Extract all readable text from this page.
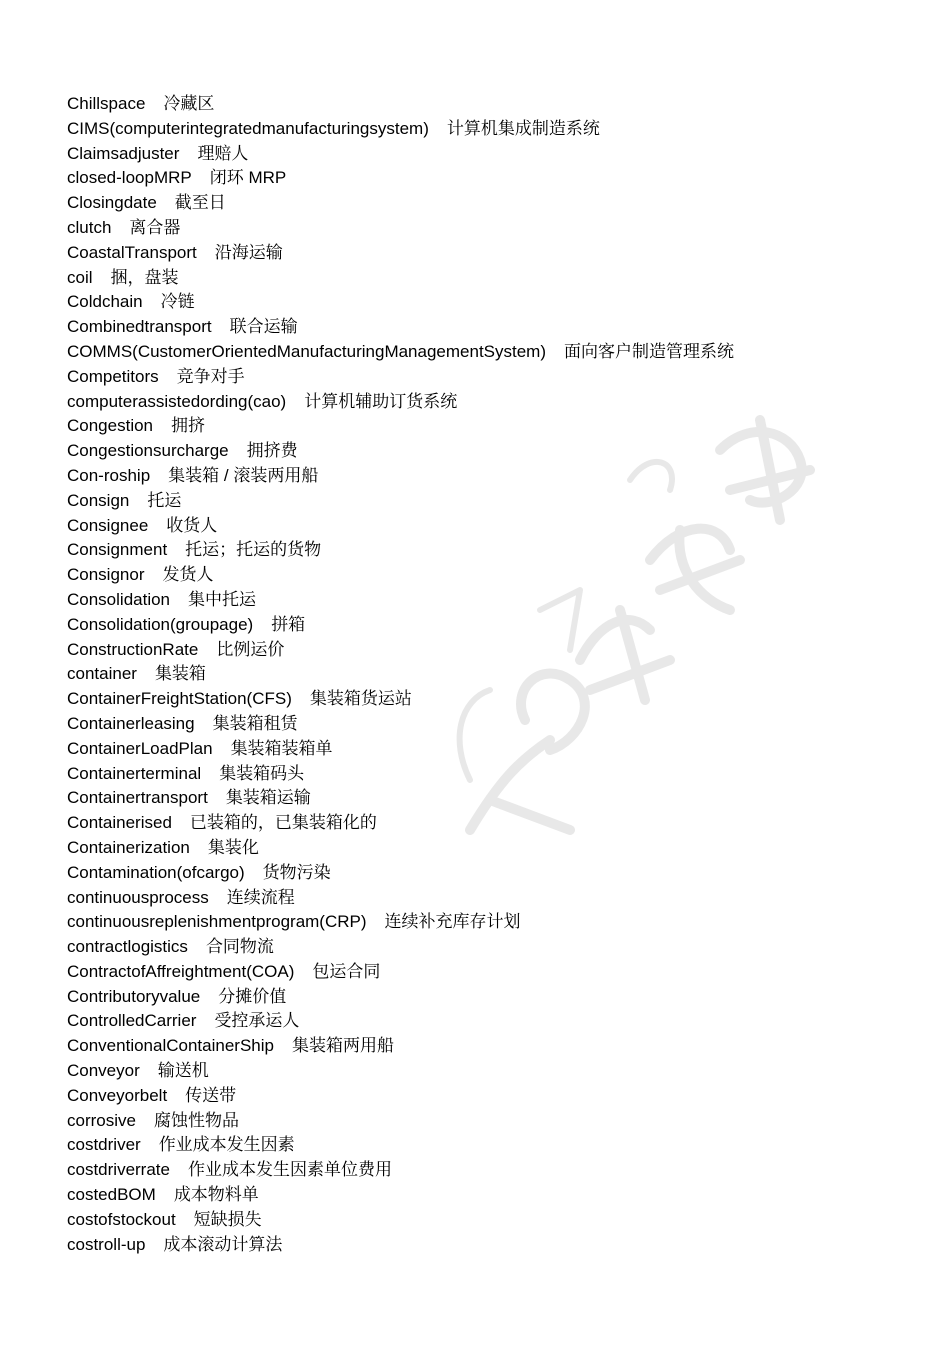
Chillspace 冷藏区
CIMS(computerintegratedmanufacturingsystem) 计算机集成制造系统
Claimsadjuster 理赔人
closed-loopMRP 闭环 MRP
Closingdate 截至日
clutch 离合器
CoastalTransport 沿海运输
coil 捆，盘装
Coldchain 冷链
Combinedtransport 联合运输
COMMS(CustomerOrientedManufacturingManagementSystem) 面向客户制造管理系统
Competitors 竞争对手
computerassistedording(cao) 计算机辅助订货系统
Congestion 拥挤
Congestionsurcharge 拥挤费
Con-roship 集装箱 / 滚装两用船
Consign 托运
Consignee 收货人
Consignment 托运；托运的货物
Consignor 发货人
Consolidation 集中托运
Consolidation(groupage) 拼箱
ConstructionRate 比例运价
container 集装箱
ContainerFreightStation(CFS) 集装箱货运站
Containerleasing 集装箱租赁
ContainerLoadPlan 集装箱装箱单
Containerterminal 集装箱码头
Containertransport 集装箱运输
Containerised 已装箱的，已集装箱化的
Containerization 集装化
Contamination(ofcargo) 货物污染
continuousprocess 连续流程
continuousreplenishmentprogram(CRP) 连续补充库存计划
contractlogistics 合同物流
ContractofAffreightment(COA) 包运合同
Contributoryvalue 分摊价值
ControlledCarrier 受控承运人
ConventionalContainerShip 集装箱两用船
Conveyor 输送机
Conveyorbelt 传送带
corrosive 腐蚀性物品
costdriver 作业成本发生因素
costdriverrate 作业成本发生因素单位费用
costedBOM 成本物料单
costofstockout 短缺损失
costroll-up 成本滚动计算法
